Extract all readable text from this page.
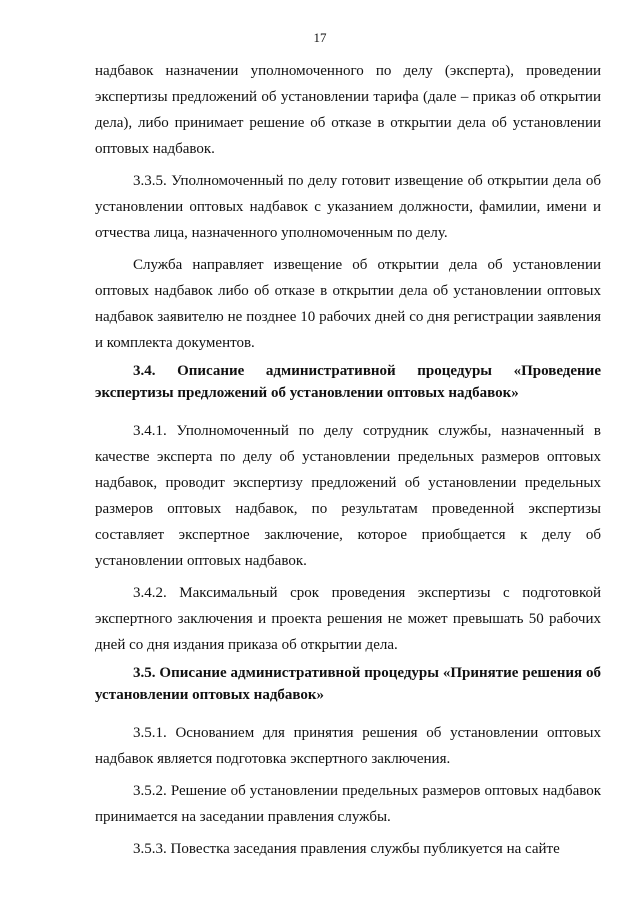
17

надбавок назначении уполномоченного по делу (эксперта), проведении экспертизы предложений об установлении тарифа (дале – приказ об открытии дела), либо принимает решение об отказе в открытии дела об установлении оптовых надбавок.

3.3.5. Уполномоченный по делу готовит извещение об открытии дела об установлении оптовых надбавок с указанием должности, фамилии, имени и отчества лица, назначенного уполномоченным по делу.

Служба направляет извещение об открытии дела об установлении оптовых надбавок либо об отказе в открытии дела об установлении оптовых надбавок заявителю не позднее 10 рабочих дней со дня регистрации заявления и комплекта документов.

3.4. Описание административной процедуры «Проведение экспертизы предложений об установлении оптовых надбавок»

3.4.1. Уполномоченный по делу сотрудник службы, назначенный в качестве эксперта по делу об установлении предельных размеров оптовых надбавок, проводит экспертизу предложений об установлении предельных размеров оптовых надбавок, по результатам проведенной экспертизы составляет экспертное заключение, которое приобщается к делу об установлении оптовых надбавок.

3.4.2. Максимальный срок проведения экспертизы с подготовкой экспертного заключения и проекта решения не может превышать 50 рабочих дней со дня издания приказа об открытии дела.

3.5. Описание административной процедуры «Принятие решения об установлении оптовых надбавок»

3.5.1. Основанием для принятия решения об установлении оптовых надбавок является подготовка экспертного заключения.

3.5.2. Решение об установлении предельных размеров оптовых надбавок принимается на заседании правления службы.

3.5.3. Повестка заседания правления службы публикуется на сайте
